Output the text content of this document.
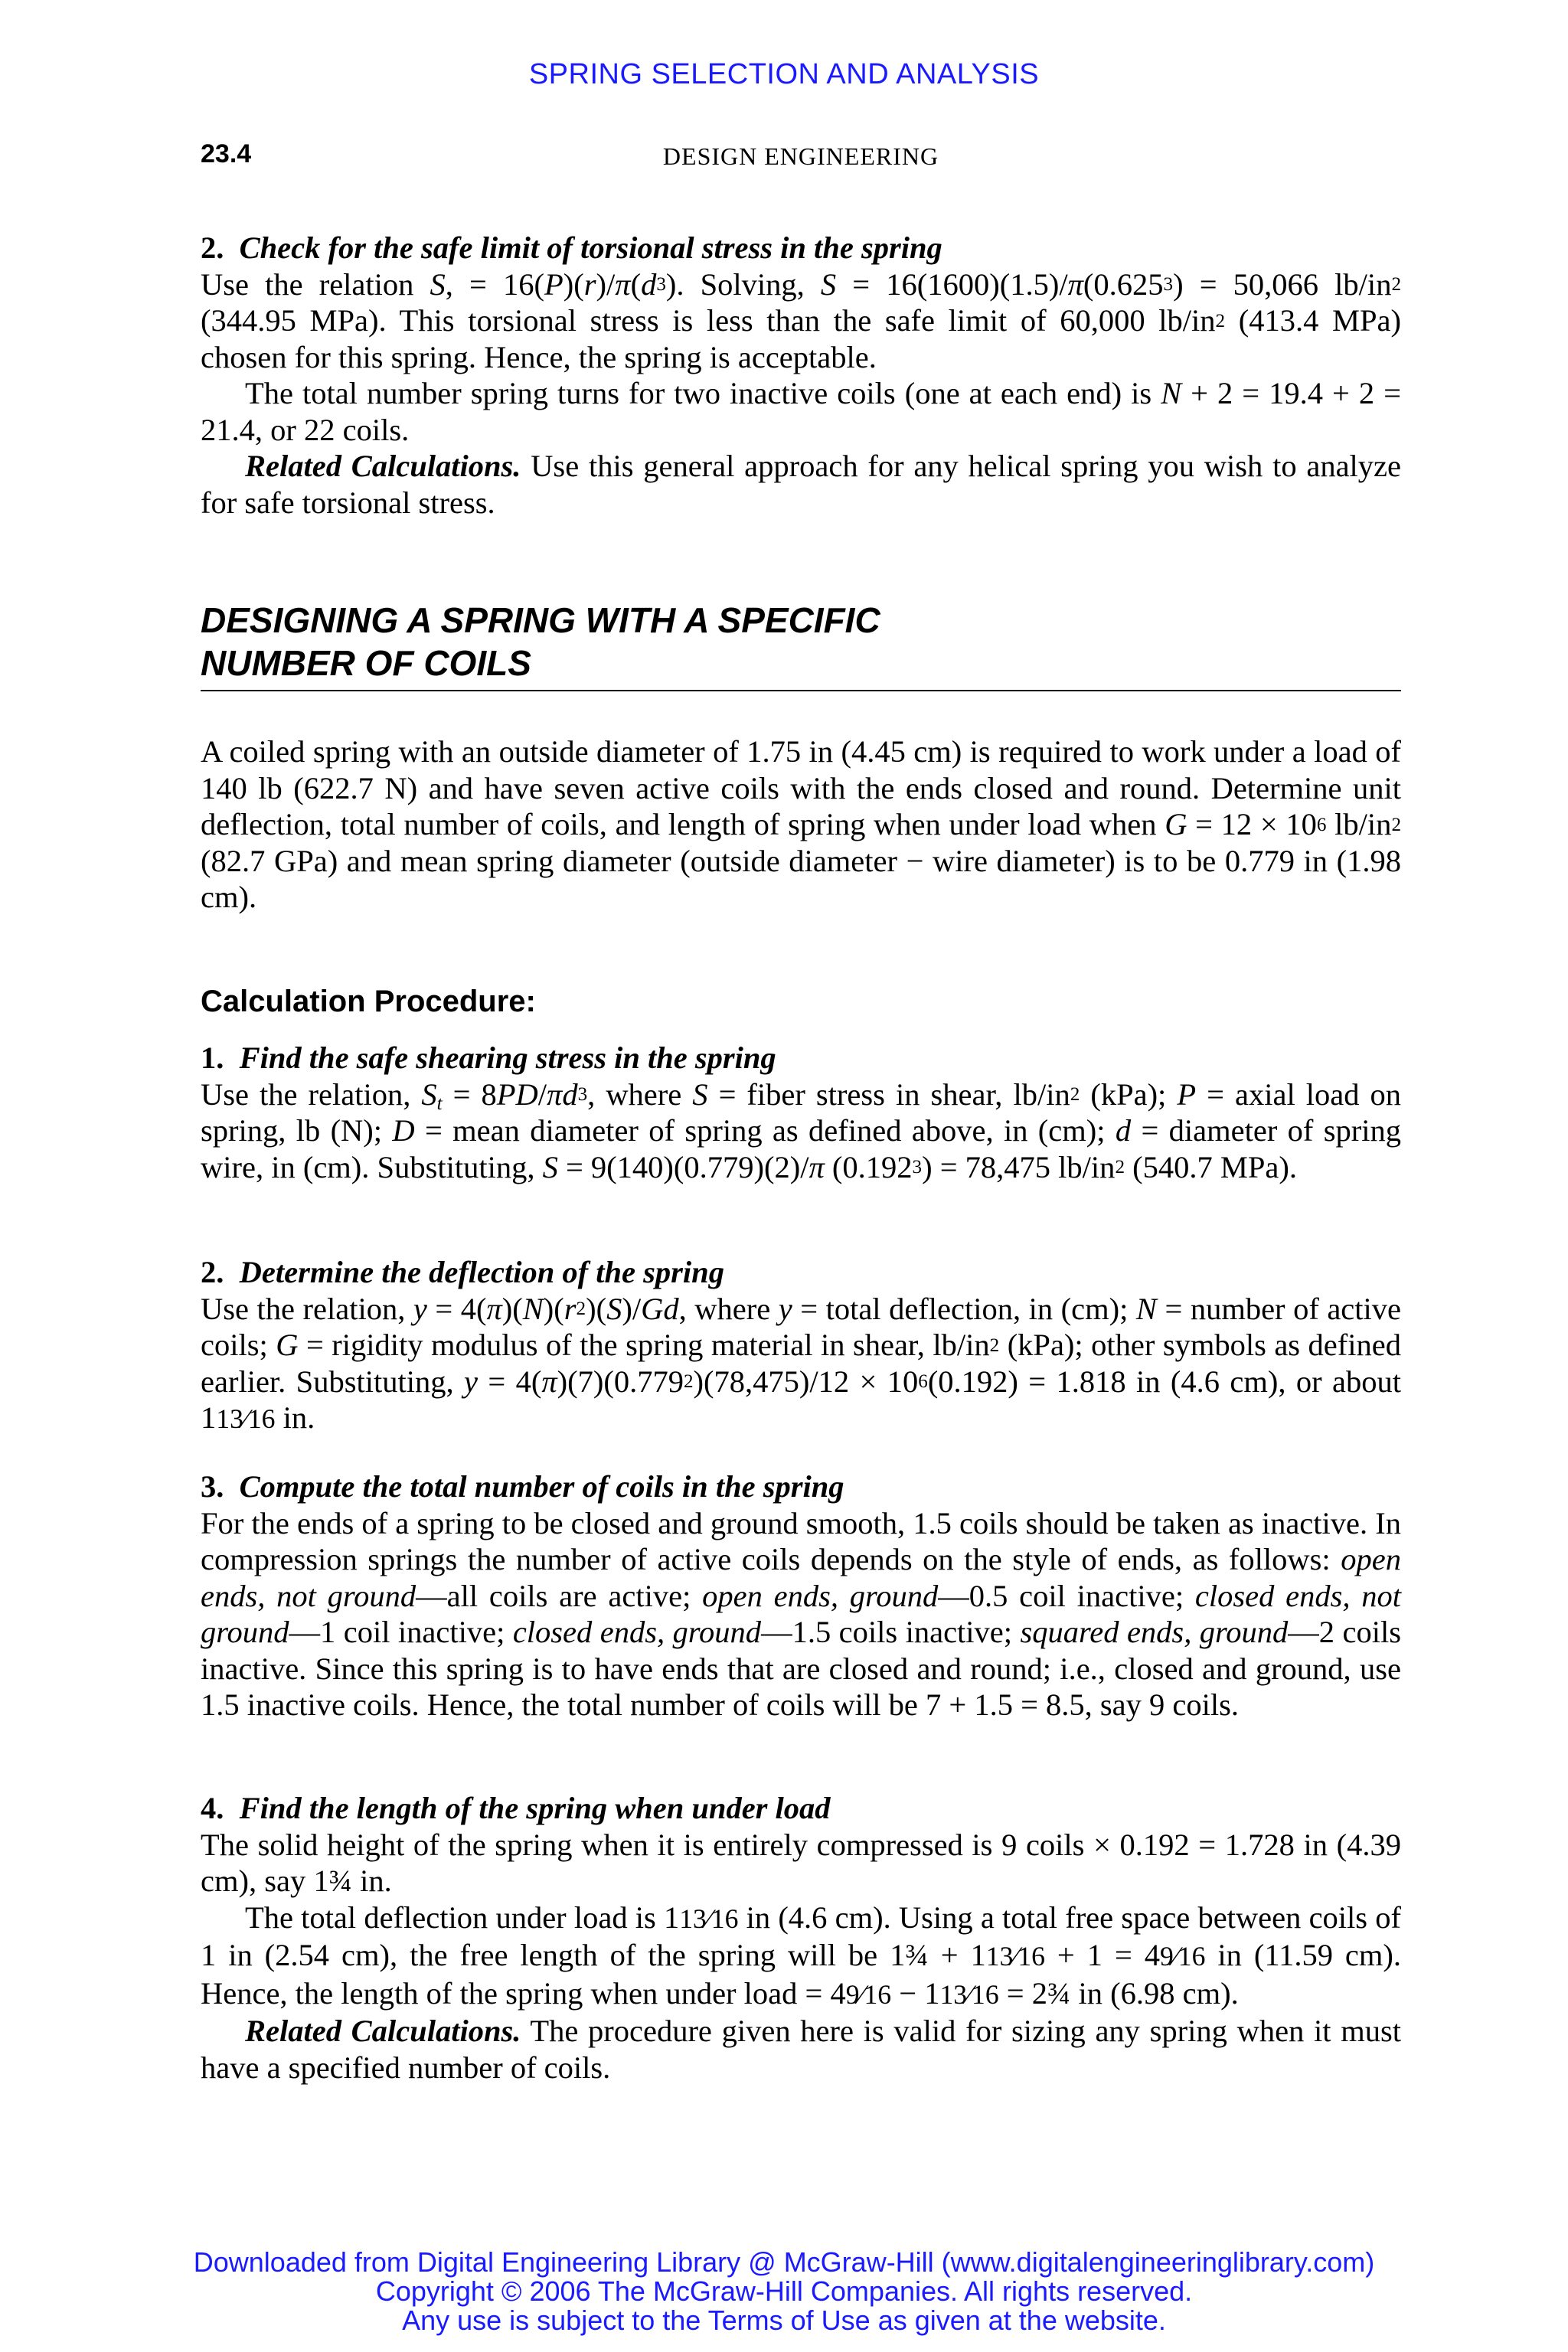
SPRING SELECTION AND ANALYSIS
23.4	DESIGN ENGINEERING
2. Check for the safe limit of torsional stress in the spring

Use the relation S, = $16(P)(r)/\pi(d^3)$. Solving, $S = 16(1600)(1.5)/\pi(0.625^3) = 50,066$ $lb/in^2$ (344.95 MPa). This torsional stress is less than the safe limit of 60,000 $lb/in^2$ (413.4 MPa) chosen for this spring. Hence, the spring is acceptable.

The total number spring turns for two inactive coils (one at each end) is N + 2 = 19.4 + 2 = 21.4, or 22 coils.

Related Calculations. Use this general approach for any helical spring you wish to analyze for safe torsional stress.

DESIGNING A SPRING WITH A SPECIFIC
NUMBER OF COILS

A coiled spring with an outside diameter of 1.75 in (4.45 cm) is required to work under a load of 140 lb (622.7 N) and have seven active coils with the ends closed and round. Determine unit deflection, total number of coils, and length of spring when under load when $G = 12 \times 10^6$ $lb/in^2$ (82.7 GPa) and mean spring diameter (outside diameter − wire diameter) is to be 0.779 in (1.98 cm).

Calculation Procedure:
1. Find the safe shearing stress in the spring

Use the relation, $S_t = 8PD/\pi d^3$, where S = fiber stress in shear, $lb/in^2$ (kPa); P = axial load on spring, lb (N); D = mean diameter of spring as defined above, in (cm); d = diameter of spring wire, in (cm). Substituting, S = 9(140)(0.779)(2)/π $(0.192^3) = 78,475$ $lb/in^2$ (540.7 MPa).

2. Determine the deflection of the spring

Use the relation, $y = 4(\pi)(N)(r^2)(S)/Gd$, where y = total deflection, in (cm); N = number of active coils; G = rigidity modulus of the spring material in shear, $lb/in^2$ (kPa); other symbols as defined earlier. Substituting, $y = 4(\pi)(7)(0.779^2)(78,475)/12 \times 10^6(0.192) = 1.818$ in (4.6 cm), or about 113⁄16 in.

3. Compute the total number of coils in the spring

For the ends of a spring to be closed and ground smooth, 1.5 coils should be taken as inactive. In compression springs the number of active coils depends on the style of ends, as follows: open ends, not ground—all coils are active; open ends, ground—0.5 coil inactive; closed ends, not ground—1 coil inactive; closed ends, ground—1.5 coils inactive; squared ends, ground—2 coils inactive. Since this spring is to have ends that are closed and round; i.e., closed and ground, use 1.5 inactive coils. Hence, the total number of coils will be 7 + 1.5 = 8.5, say 9 coils.

4. Find the length of the spring when under load

The solid height of the spring when it is entirely compressed is 9 coils × 0.192 = 1.728 in (4.39 cm), say 1¾ in.

The total deflection under load is 113⁄16 in (4.6 cm). Using a total free space between coils of 1 in (2.54 cm), the free length of the spring will be 1¾ + 113⁄16 + 1 = 49⁄16 in (11.59 cm). Hence, the length of the spring when under load = 49⁄16 − 113⁄16 = 2¾ in (6.98 cm).

Related Calculations. The procedure given here is valid for sizing any spring when it must have a specified number of coils.

Downloaded from Digital Engineering Library @ McGraw-Hill (www.digitalengineeringlibrary.com)
Copyright © 2006 The McGraw-Hill Companies. All rights reserved.
Any use is subject to the Terms of Use as given at the website.
